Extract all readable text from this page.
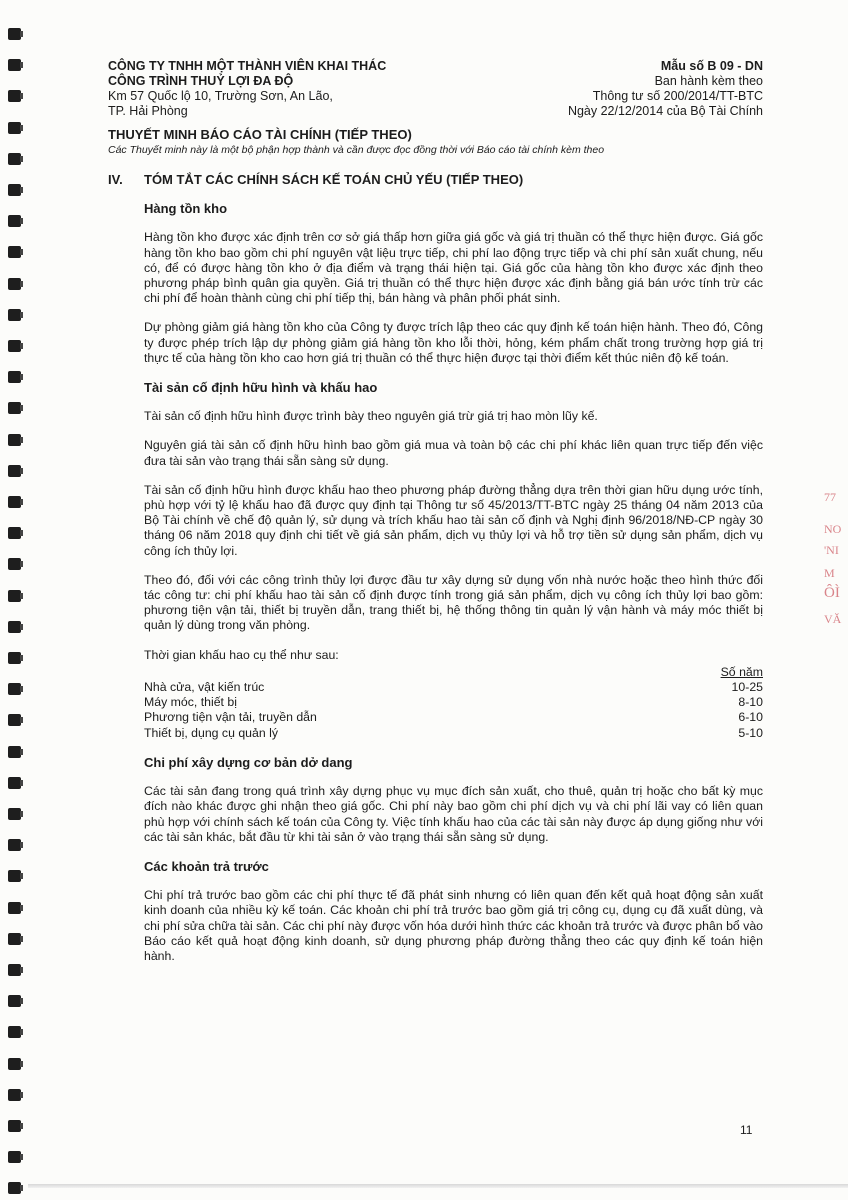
77
NO
'NI
M
ÔÌ
VĂ
CÔNG TY TNHH MỘT THÀNH VIÊN KHAI THÁC	Mẫu số B 09 - DN
CÔNG TRÌNH THUỶ LỢI ĐA ĐỘ	Ban hành kèm theo
Km 57 Quốc lộ 10, Trường Sơn, An Lão,	Thông tư số 200/2014/TT-BTC
TP. Hải Phòng	Ngày 22/12/2014 của Bộ Tài Chính
THUYẾT MINH BÁO CÁO TÀI CHÍNH (TIẾP THEO)
Các Thuyết minh này là một bộ phận hợp thành và cần được đọc đồng thời với Báo cáo tài chính kèm theo
IV.	TÓM TẮT CÁC CHÍNH SÁCH KẾ TOÁN CHỦ YẾU (TIẾP THEO)
Hàng tồn kho

Hàng tồn kho được xác định trên cơ sở giá thấp hơn giữa giá gốc và giá trị thuần có thể thực hiện được. Giá gốc hàng tồn kho bao gồm chi phí nguyên vật liệu trực tiếp, chi phí lao động trực tiếp và chi phí sản xuất chung, nếu có, để có được hàng tồn kho ở địa điểm và trạng thái hiện tại. Giá gốc của hàng tồn kho được xác định theo phương pháp bình quân gia quyền. Giá trị thuần có thể thực hiện được xác định bằng giá bán ước tính trừ các chi phí để hoàn thành cùng chi phí tiếp thị, bán hàng và phân phối phát sinh.

Dự phòng giảm giá hàng tồn kho của Công ty được trích lập theo các quy định kế toán hiện hành. Theo đó, Công ty được phép trích lập dự phòng giảm giá hàng tồn kho lỗi thời, hỏng, kém phẩm chất trong trường hợp giá trị thực tế của hàng tồn kho cao hơn giá trị thuần có thể thực hiện được tại thời điểm kết thúc niên độ kế toán.

Tài sản cố định hữu hình và khấu hao

Tài sản cố định hữu hình được trình bày theo nguyên giá trừ giá trị hao mòn lũy kế.

Nguyên giá tài sản cố định hữu hình bao gồm giá mua và toàn bộ các chi phí khác liên quan trực tiếp đến việc đưa tài sản vào trạng thái sẵn sàng sử dụng.

Tài sản cố định hữu hình được khấu hao theo phương pháp đường thẳng dựa trên thời gian hữu dụng ước tính, phù hợp với tỷ lệ khấu hao đã được quy định tại Thông tư số 45/2013/TT-BTC ngày 25 tháng 04 năm 2013 của Bộ Tài chính về chế độ quản lý, sử dụng và trích khấu hao tài sản cố định và Nghị định 96/2018/NĐ-CP ngày 30 tháng 06 năm 2018 quy định chi tiết về giá sản phẩm, dịch vụ thủy lợi và hỗ trợ tiền sử dụng sản phẩm, dịch vụ công ích thủy lợi.

Theo đó, đối với các công trình thủy lợi được đầu tư xây dựng sử dụng vốn nhà nước hoặc theo hình thức đối tác công tư: chi phí khấu hao tài sản cố định được tính trong giá sản phẩm, dịch vụ công ích thủy lợi bao gồm: phương tiện vận tải, thiết bị truyền dẫn, trang thiết bị, hệ thống thông tin quản lý vận hành và máy móc thiết bị quản lý dùng trong văn phòng.

Thời gian khấu hao cụ thể như sau:
Số năm
Nhà cửa, vật kiến trúc	10-25
Máy móc, thiết bị	8-10
Phương tiện vận tải, truyền dẫn	6-10
Thiết bị, dụng cụ quản lý	5-10
Chi phí xây dựng cơ bản dở dang

Các tài sản đang trong quá trình xây dựng phục vụ mục đích sản xuất, cho thuê, quản trị hoặc cho bất kỳ mục đích nào khác được ghi nhận theo giá gốc. Chi phí này bao gồm chi phí dịch vụ và chi phí lãi vay có liên quan phù hợp với chính sách kế toán của Công ty. Việc tính khấu hao của các tài sản này được áp dụng giống như với các tài sản khác, bắt đầu từ khi tài sản ở vào trạng thái sẵn sàng sử dụng.

Các khoản trả trước

Chi phí trả trước bao gồm các chi phí thực tế đã phát sinh nhưng có liên quan đến kết quả hoạt động sản xuất kinh doanh của nhiều kỳ kế toán. Các khoản chi phí trả trước bao gồm giá trị công cụ, dụng cụ đã xuất dùng, và chi phí sửa chữa tài sản. Các chi phí này được vốn hóa dưới hình thức các khoản trả trước và được phân bổ vào Báo cáo kết quả hoạt động kinh doanh, sử dụng phương pháp đường thẳng theo các quy định kế toán hiện hành.

11
